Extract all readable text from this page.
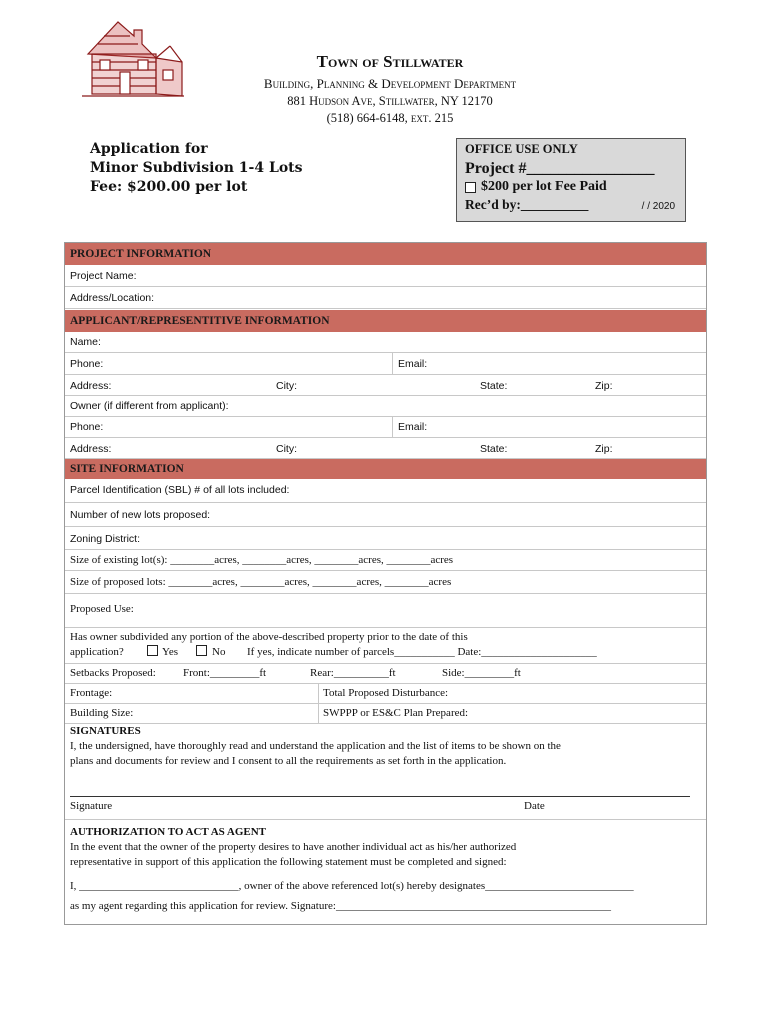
Town of Stillwater
Building, Planning & Development Department
881 Hudson Ave, Stillwater, NY 12170
(518) 664-6148, ext. 215
Application for
Minor Subdivision 1-4 Lots
Fee: $200.00 per lot
OFFICE USE ONLY
Project #________________
$200 per lot Fee Paid
Rec’d by:__________	/ / 2020
PROJECT INFORMATION
Project Name:
Address/Location:
APPLICANT/REPRESENTITIVE INFORMATION
Name:
Phone:	Email:
Address:	City:	State:	Zip:
Owner (if different from applicant):
Phone:	Email:
Address:	City:	State:	Zip:
SITE INFORMATION
Parcel Identification (SBL) # of all lots included:
Number of new lots proposed:
Zoning District:
Size of existing lot(s): ________acres, ________acres, ________acres, ________acres
Size of proposed lots: ________acres, ________acres, ________acres, ________acres
Proposed Use:
Has owner subdivided any portion of the above-described property prior to the date of this
application?	Yes	No If yes, indicate number of parcels___________ Date:_____________________
Setbacks Proposed: Front:_________ft	Rear:__________ft	Side:_________ft
Frontage:	Total Proposed Disturbance:
Building Size:	SWPPP or ES&C Plan Prepared:
SIGNATURES
I, the undersigned, have thoroughly read and understand the application and the list of items to be shown on the
plans and documents for review and I consent to all the requirements as set forth in the application.
Signature	Date
AUTHORIZATION TO ACT AS AGENT
In the event that the owner of the property desires to have another individual act as his/her authorized
representative in support of this application the following statement must be completed and signed:
I, _____________________________, owner of the above referenced lot(s) hereby designates___________________________
as my agent regarding this application for review. Signature:__________________________________________________
